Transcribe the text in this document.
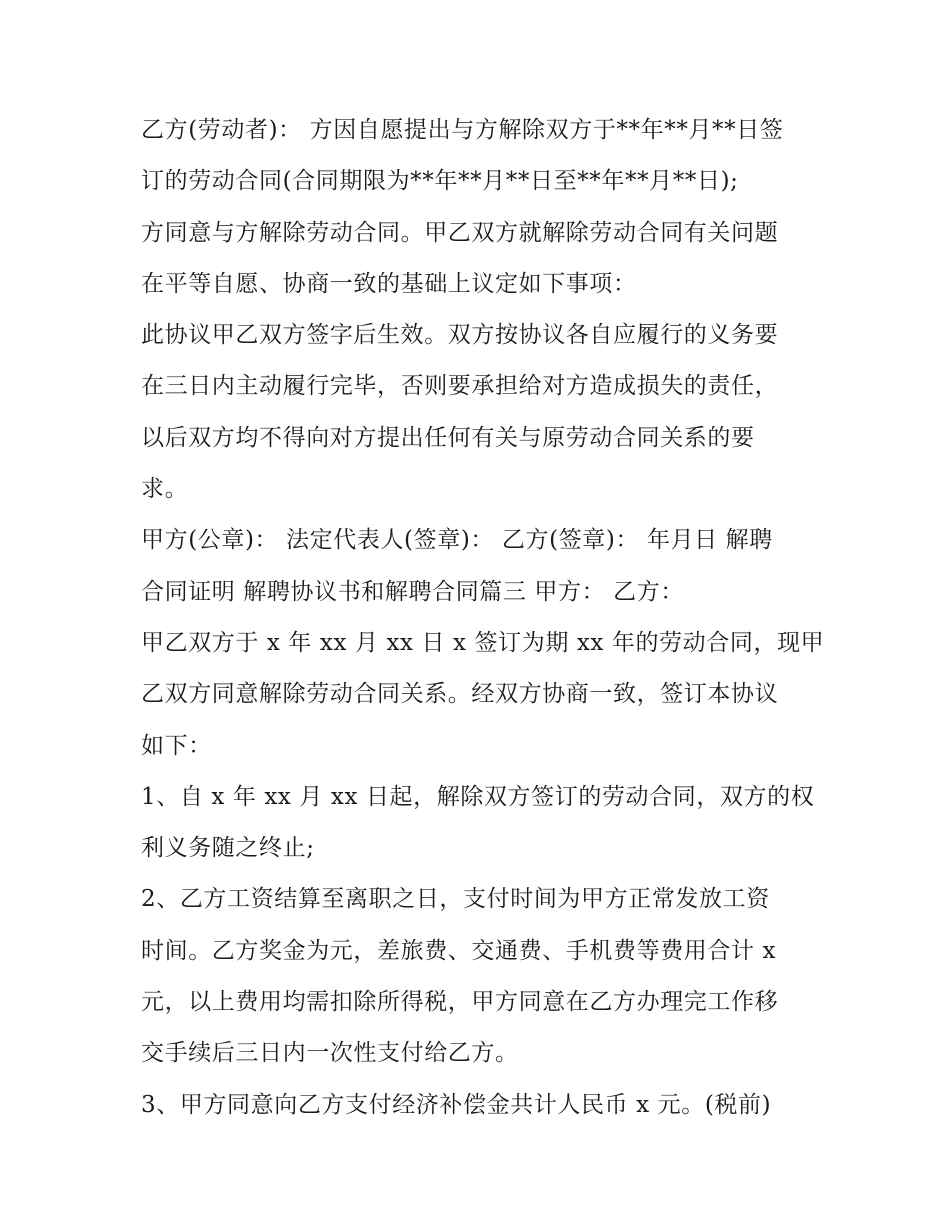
乙方(劳动者)： 方因自愿提出与方解除双方于**年**月**日签
订的劳动合同(合同期限为**年**月**日至**年**月**日);
方同意与方解除劳动合同。甲乙双方就解除劳动合同有关问题
在平等自愿、协商一致的基础上议定如下事项：
此协议甲乙双方签字后生效。双方按协议各自应履行的义务要
在三日内主动履行完毕，否则要承担给对方造成损失的责任，
以后双方均不得向对方提出任何有关与原劳动合同关系的要
求。
甲方(公章)： 法定代表人(签章)： 乙方(签章)： 年月日 解聘
合同证明 解聘协议书和解聘合同篇三 甲方： 乙方：
甲乙双方于 x 年 xx 月 xx 日 x 签订为期 xx 年的劳动合同，现甲
乙双方同意解除劳动合同关系。经双方协商一致，签订本协议
如下：
1、自 x 年 xx 月 xx 日起，解除双方签订的劳动合同，双方的权
利义务随之终止;
2、乙方工资结算至离职之日，支付时间为甲方正常发放工资
时间。乙方奖金为元，差旅费、交通费、手机费等费用合计 x
元，以上费用均需扣除所得税，甲方同意在乙方办理完工作移
交手续后三日内一次性支付给乙方。
3、甲方同意向乙方支付经济补偿金共计人民币 x 元。(税前)
